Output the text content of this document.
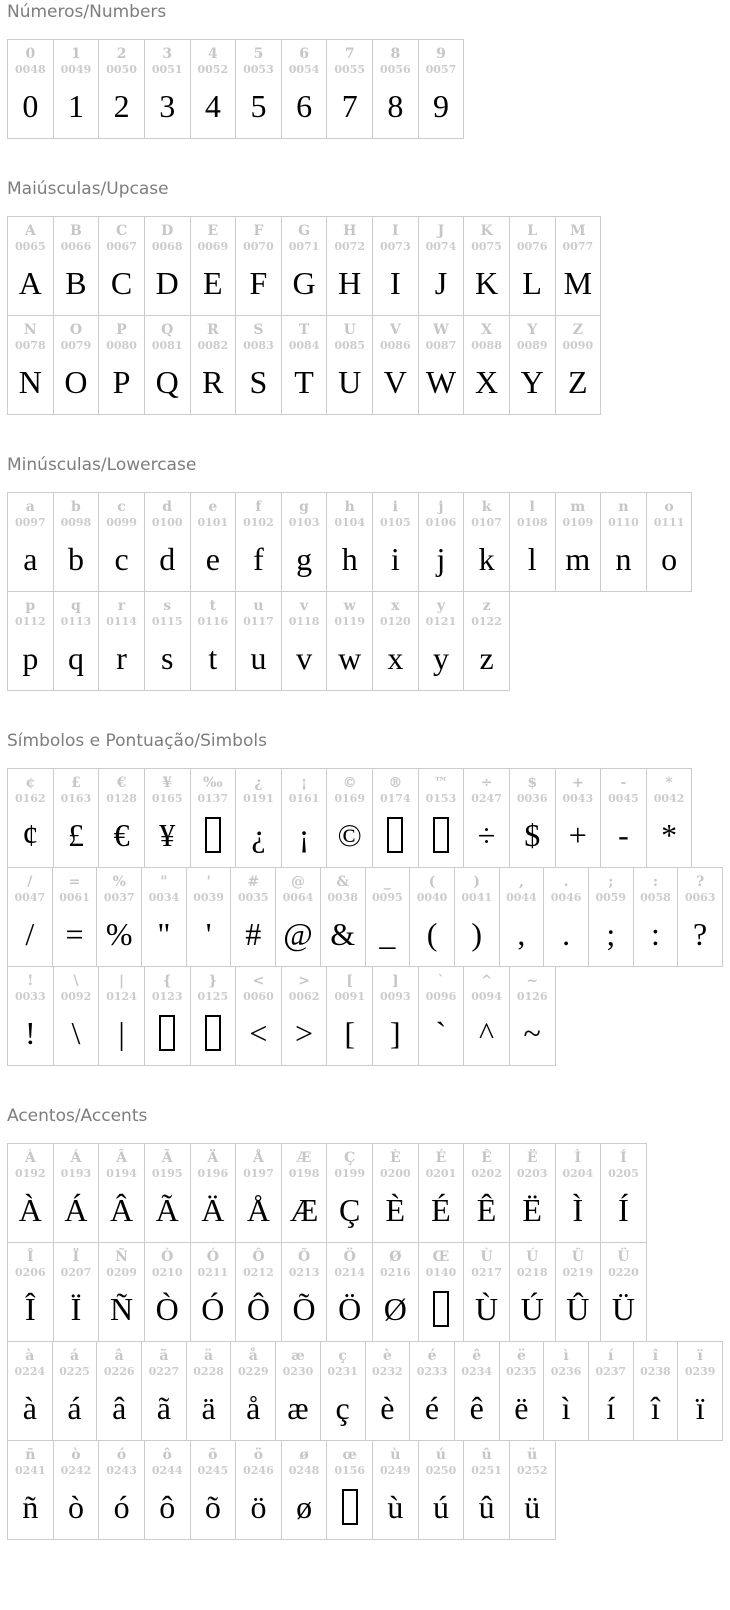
Números/Numbers
0
0048
0
1
0049
1
2
0050
2
3
0051
3
4
0052
4
5
0053
5
6
0054
6
7
0055
7
8
0056
8
9
0057
9
Maiúsculas/Upcase
A
0065
A
B
0066
B
C
0067
C
D
0068
D
E
0069
E
F
0070
F
G
0071
G
H
0072
H
I
0073
I
J
0074
J
K
0075
K
L
0076
L
M
0077
M
N
0078
N
O
0079
O
P
0080
P
Q
0081
Q
R
0082
R
S
0083
S
T
0084
T
U
0085
U
V
0086
V
W
0087
W
X
0088
X
Y
0089
Y
Z
0090
Z
Minúsculas/Lowercase
a
0097
a
b
0098
b
c
0099
c
d
0100
d
e
0101
e
f
0102
f
g
0103
g
h
0104
h
i
0105
i
j
0106
j
k
0107
k
l
0108
l
m
0109
m
n
0110
n
o
0111
o
p
0112
p
q
0113
q
r
0114
r
s
0115
s
t
0116
t
u
0117
u
v
0118
v
w
0119
w
x
0120
x
y
0121
y
z
0122
z
Símbolos e Pontuação/Simbols
¢
0162
¢
£
0163
£
€
0128
€
¥
0165
¥
‰
0137
¿
0191
¿
¡
0161
¡
©
0169
©
®
0174
™
0153
÷
0247
÷
$
0036
$
+
0043
+
-
0045
-
*
0042
*
/
0047
/
=
0061
=
%
0037
%
"
0034
"
'
0039
'
#
0035
#
@
0064
@
&
0038
&
_
0095
_
(
0040
(
)
0041
)
,
0044
,
.
0046
.
;
0059
;
:
0058
:
?
0063
?
!
0033
!
\
0092
\
|
0124
|
{
0123
}
0125
<
0060
<
>
0062
>
[
0091
[
]
0093
]
`
0096
`
^
0094
^
~
0126
~
Acentos/Accents
À
0192
À
Á
0193
Á
Â
0194
Â
Ã
0195
Ã
Ä
0196
Ä
Å
0197
Å
Æ
0198
Æ
Ç
0199
Ç
È
0200
È
É
0201
É
Ê
0202
Ê
Ë
0203
Ë
Ì
0204
Ì
Í
0205
Í
Î
0206
Î
Ï
0207
Ï
Ñ
0209
Ñ
Ò
0210
Ò
Ó
0211
Ó
Ô
0212
Ô
Õ
0213
Õ
Ö
0214
Ö
Ø
0216
Ø
Œ
0140
Ù
0217
Ù
Ú
0218
Ú
Û
0219
Û
Ü
0220
Ü
à
0224
à
á
0225
á
â
0226
â
ã
0227
ã
ä
0228
ä
å
0229
å
æ
0230
æ
ç
0231
ç
è
0232
è
é
0233
é
ê
0234
ê
ë
0235
ë
ì
0236
ì
í
0237
í
î
0238
î
ï
0239
ï
ñ
0241
ñ
ò
0242
ò
ó
0243
ó
ô
0244
ô
õ
0245
õ
ö
0246
ö
ø
0248
ø
œ
0156
ù
0249
ù
ú
0250
ú
û
0251
û
ü
0252
ü
